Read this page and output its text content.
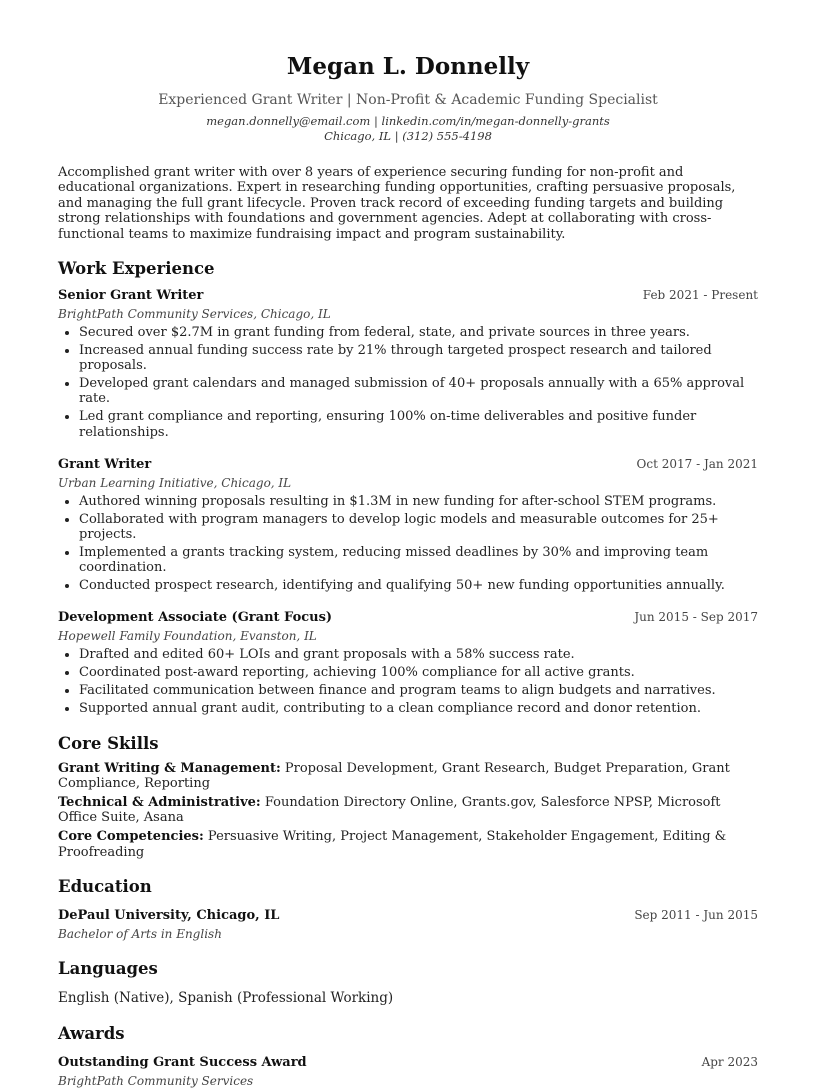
Megan L. Donnelly
Experienced Grant Writer | Non-Profit & Academic Funding Specialist
megan.donnelly@email.com | linkedin.com/in/megan-donnelly-grants
Chicago, IL | (312) 555-4198
Accomplished grant writer with over 8 years of experience securing funding for non-profit and educational organizations. Expert in researching funding opportunities, crafting persuasive proposals, and managing the full grant lifecycle. Proven track record of exceeding funding targets and building strong relationships with foundations and government agencies. Adept at collaborating with cross-functional teams to maximize fundraising impact and program sustainability.
Work Experience
Senior Grant Writer	Feb 2021 - Present
BrightPath Community Services, Chicago, IL
• Secured over $2.7M in grant funding from federal, state, and private sources in three years.
• Increased annual funding success rate by 21% through targeted prospect research and tailored proposals.
• Developed grant calendars and managed submission of 40+ proposals annually with a 65% approval rate.
• Led grant compliance and reporting, ensuring 100% on-time deliverables and positive funder relationships.
Grant Writer	Oct 2017 - Jan 2021
Urban Learning Initiative, Chicago, IL
• Authored winning proposals resulting in $1.3M in new funding for after-school STEM programs.
• Collaborated with program managers to develop logic models and measurable outcomes for 25+ projects.
• Implemented a grants tracking system, reducing missed deadlines by 30% and improving team coordination.
• Conducted prospect research, identifying and qualifying 50+ new funding opportunities annually.
Development Associate (Grant Focus)	Jun 2015 - Sep 2017
Hopewell Family Foundation, Evanston, IL
• Drafted and edited 60+ LOIs and grant proposals with a 58% success rate.
• Coordinated post-award reporting, achieving 100% compliance for all active grants.
• Facilitated communication between finance and program teams to align budgets and narratives.
• Supported annual grant audit, contributing to a clean compliance record and donor retention.
Core Skills
Grant Writing & Management: Proposal Development, Grant Research, Budget Preparation, Grant Compliance, Reporting
Technical & Administrative: Foundation Directory Online, Grants.gov, Salesforce NPSP, Microsoft Office Suite, Asana
Core Competencies: Persuasive Writing, Project Management, Stakeholder Engagement, Editing & Proofreading
Education
DePaul University, Chicago, IL	Sep 2011 - Jun 2015
Bachelor of Arts in English
Languages
English (Native), Spanish (Professional Working)
Awards
Outstanding Grant Success Award	Apr 2023
BrightPath Community Services
